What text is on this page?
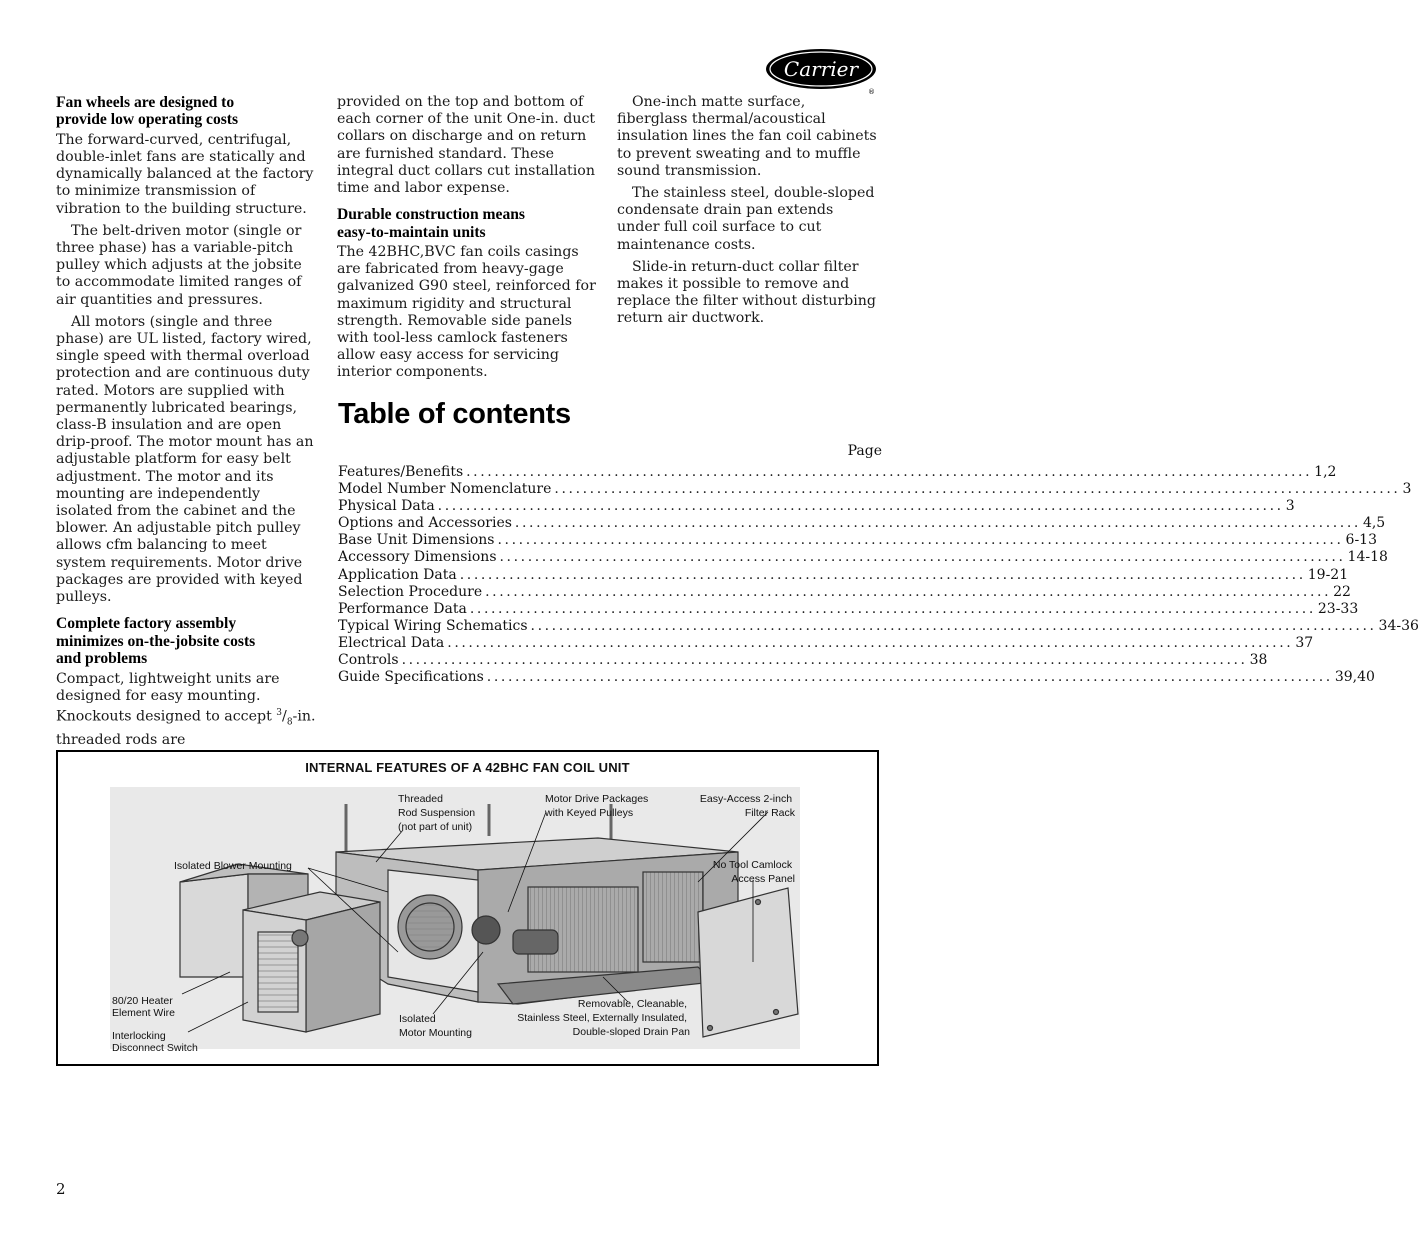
Carrier
®
Fan wheels are designed to
provide low operating costs

The forward-curved, centrifugal, double-inlet fans are statically and dynamically balanced at the factory to minimize transmission of vibration to the building structure.

The belt-driven motor (single or three phase) has a variable-pitch pulley which adjusts at the jobsite to accommodate limited ranges of air quantities and pressures.

All motors (single and three phase) are UL listed, factory wired, single speed with thermal overload protection and are continuous duty rated. Motors are supplied with permanently lubricated bearings, class-B insulation and are open drip-proof. The motor mount has an adjustable platform for easy belt adjustment. The motor and its mounting are independently isolated from the cabinet and the blower. An adjustable pitch pulley allows cfm balancing to meet system requirements. Motor drive packages are provided with keyed pulleys.

Complete factory assembly
minimizes on-the-jobsite costs
and problems

Compact, lightweight units are designed for easy mounting. Knockouts designed to accept $^3/_8-in$. threaded rods are

provided on the top and bottom of each corner of the unit One-in. duct collars on discharge and on return are furnished standard. These integral duct collars cut installation time and labor expense.

Durable construction means
easy-to-maintain units

The 42BHC,BVC fan coils casings are fabricated from heavy-gage galvanized G90 steel, reinforced for maximum rigidity and structural strength. Removable side panels with tool-less camlock fasteners allow easy access for servicing interior components.

One-inch matte surface, fiberglass thermal/acoustical insulation lines the fan coil cabinets to prevent sweating and to muffle sound transmission.

The stainless steel, double-sloped condensate drain pan extends under full coil surface to cut maintenance costs.

Slide-in return-duct collar filter makes it possible to remove and replace the filter without disturbing return air ductwork.

Table of contents
Page
Features/Benefits ........................................................................................................................ 1,2
Model Number Nomenclature ........................................................................................................................ 3
Physical Data ........................................................................................................................ 3
Options and Accessories ........................................................................................................................ 4,5
Base Unit Dimensions ........................................................................................................................ 6-13
Accessory Dimensions ........................................................................................................................ 14-18
Application Data ........................................................................................................................ 19-21
Selection Procedure ........................................................................................................................ 22
Performance Data ........................................................................................................................ 23-33
Typical Wiring Schematics ........................................................................................................................ 34-36
Electrical Data ........................................................................................................................ 37
Controls ........................................................................................................................ 38
Guide Specifications ........................................................................................................................ 39,40
INTERNAL FEATURES OF A 42BHC FAN COIL UNIT
Threaded Rod Suspension (not part of unit)
Motor Drive Packages with Keyed Pulleys
Easy-Access 2-inch Filter Rack
Isolated Blower Mounting	No Tool Camlock Access Panel
80/20 Heater Element Wire
Interlocking Disconnect Switch
Isolated Motor Mounting
Removable, Cleanable, Stainless Steel, Externally Insulated, Double-sloped Drain Pan
2
